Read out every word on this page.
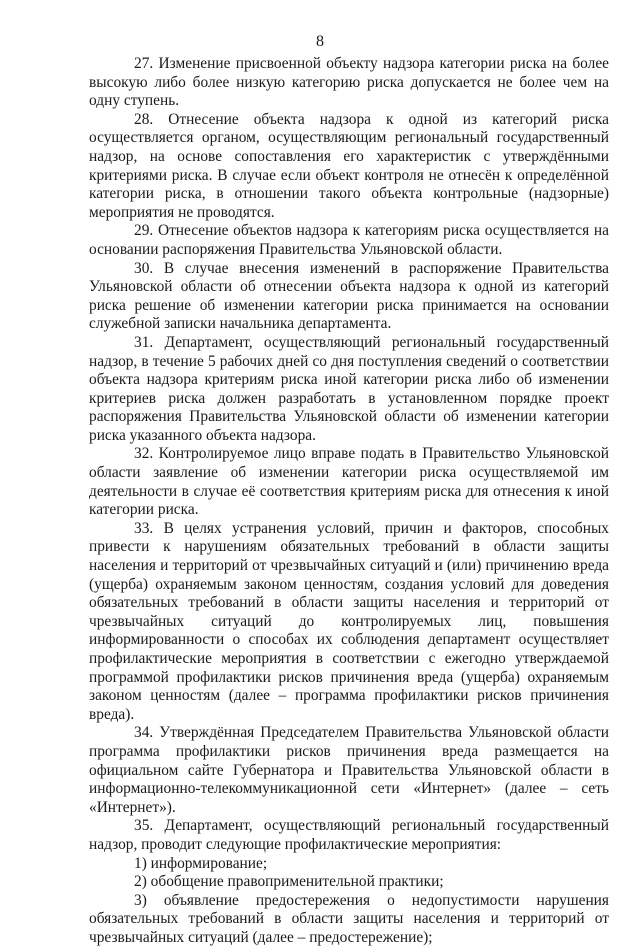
8

27. Изменение присвоенной объекту надзора категории риска на более высокую либо более низкую категорию риска допускается не более чем на одну ступень.

28. Отнесение объекта надзора к одной из категорий риска осуществляется органом, осуществляющим региональный государственный надзор, на основе сопоставления его характеристик с утверждёнными критериями риска. В случае если объект контроля не отнесён к определённой категории риска, в отношении такого объекта контрольные (надзорные) мероприятия не проводятся.

29. Отнесение объектов надзора к категориям риска осуществляется на основании распоряжения Правительства Ульяновской области.

30. В случае внесения изменений в распоряжение Правительства Ульяновской области об отнесении объекта надзора к одной из категорий риска решение об изменении категории риска принимается на основании служебной записки начальника департамента.

31. Департамент, осуществляющий региональный государственный надзор, в течение 5 рабочих дней со дня поступления сведений о соответствии объекта надзора критериям риска иной категории риска либо об изменении критериев риска должен разработать в установленном порядке проект распоряжения Правительства Ульяновской области об изменении категории риска указанного объекта надзора.

32. Контролируемое лицо вправе подать в Правительство Ульяновской области заявление об изменении категории риска осуществляемой им деятельности в случае её соответствия критериям риска для отнесения к иной категории риска.

33. В целях устранения условий, причин и факторов, способных привести к нарушениям обязательных требований в области защиты населения и территорий от чрезвычайных ситуаций и (или) причинению вреда (ущерба) охраняемым законом ценностям, создания условий для доведения обязательных требований в области защиты населения и территорий от чрезвычайных ситуаций до контролируемых лиц, повышения информированности о способах их соблюдения департамент осуществляет профилактические мероприятия в соответствии с ежегодно утверждаемой программой профилактики рисков причинения вреда (ущерба) охраняемым законом ценностям (далее – программа профилактики рисков причинения вреда).

34. Утверждённая Председателем Правительства Ульяновской области программа профилактики рисков причинения вреда размещается на официальном сайте Губернатора и Правительства Ульяновской области в информационно-телекоммуникационной сети «Интернет» (далее – сеть «Интернет»).

35. Департамент, осуществляющий региональный государственный надзор, проводит следующие профилактические мероприятия:

1) информирование;

2) обобщение правоприменительной практики;

3) объявление предостережения о недопустимости нарушения обязательных требований в области защиты населения и территорий от чрезвычайных ситуаций (далее – предостережение);
